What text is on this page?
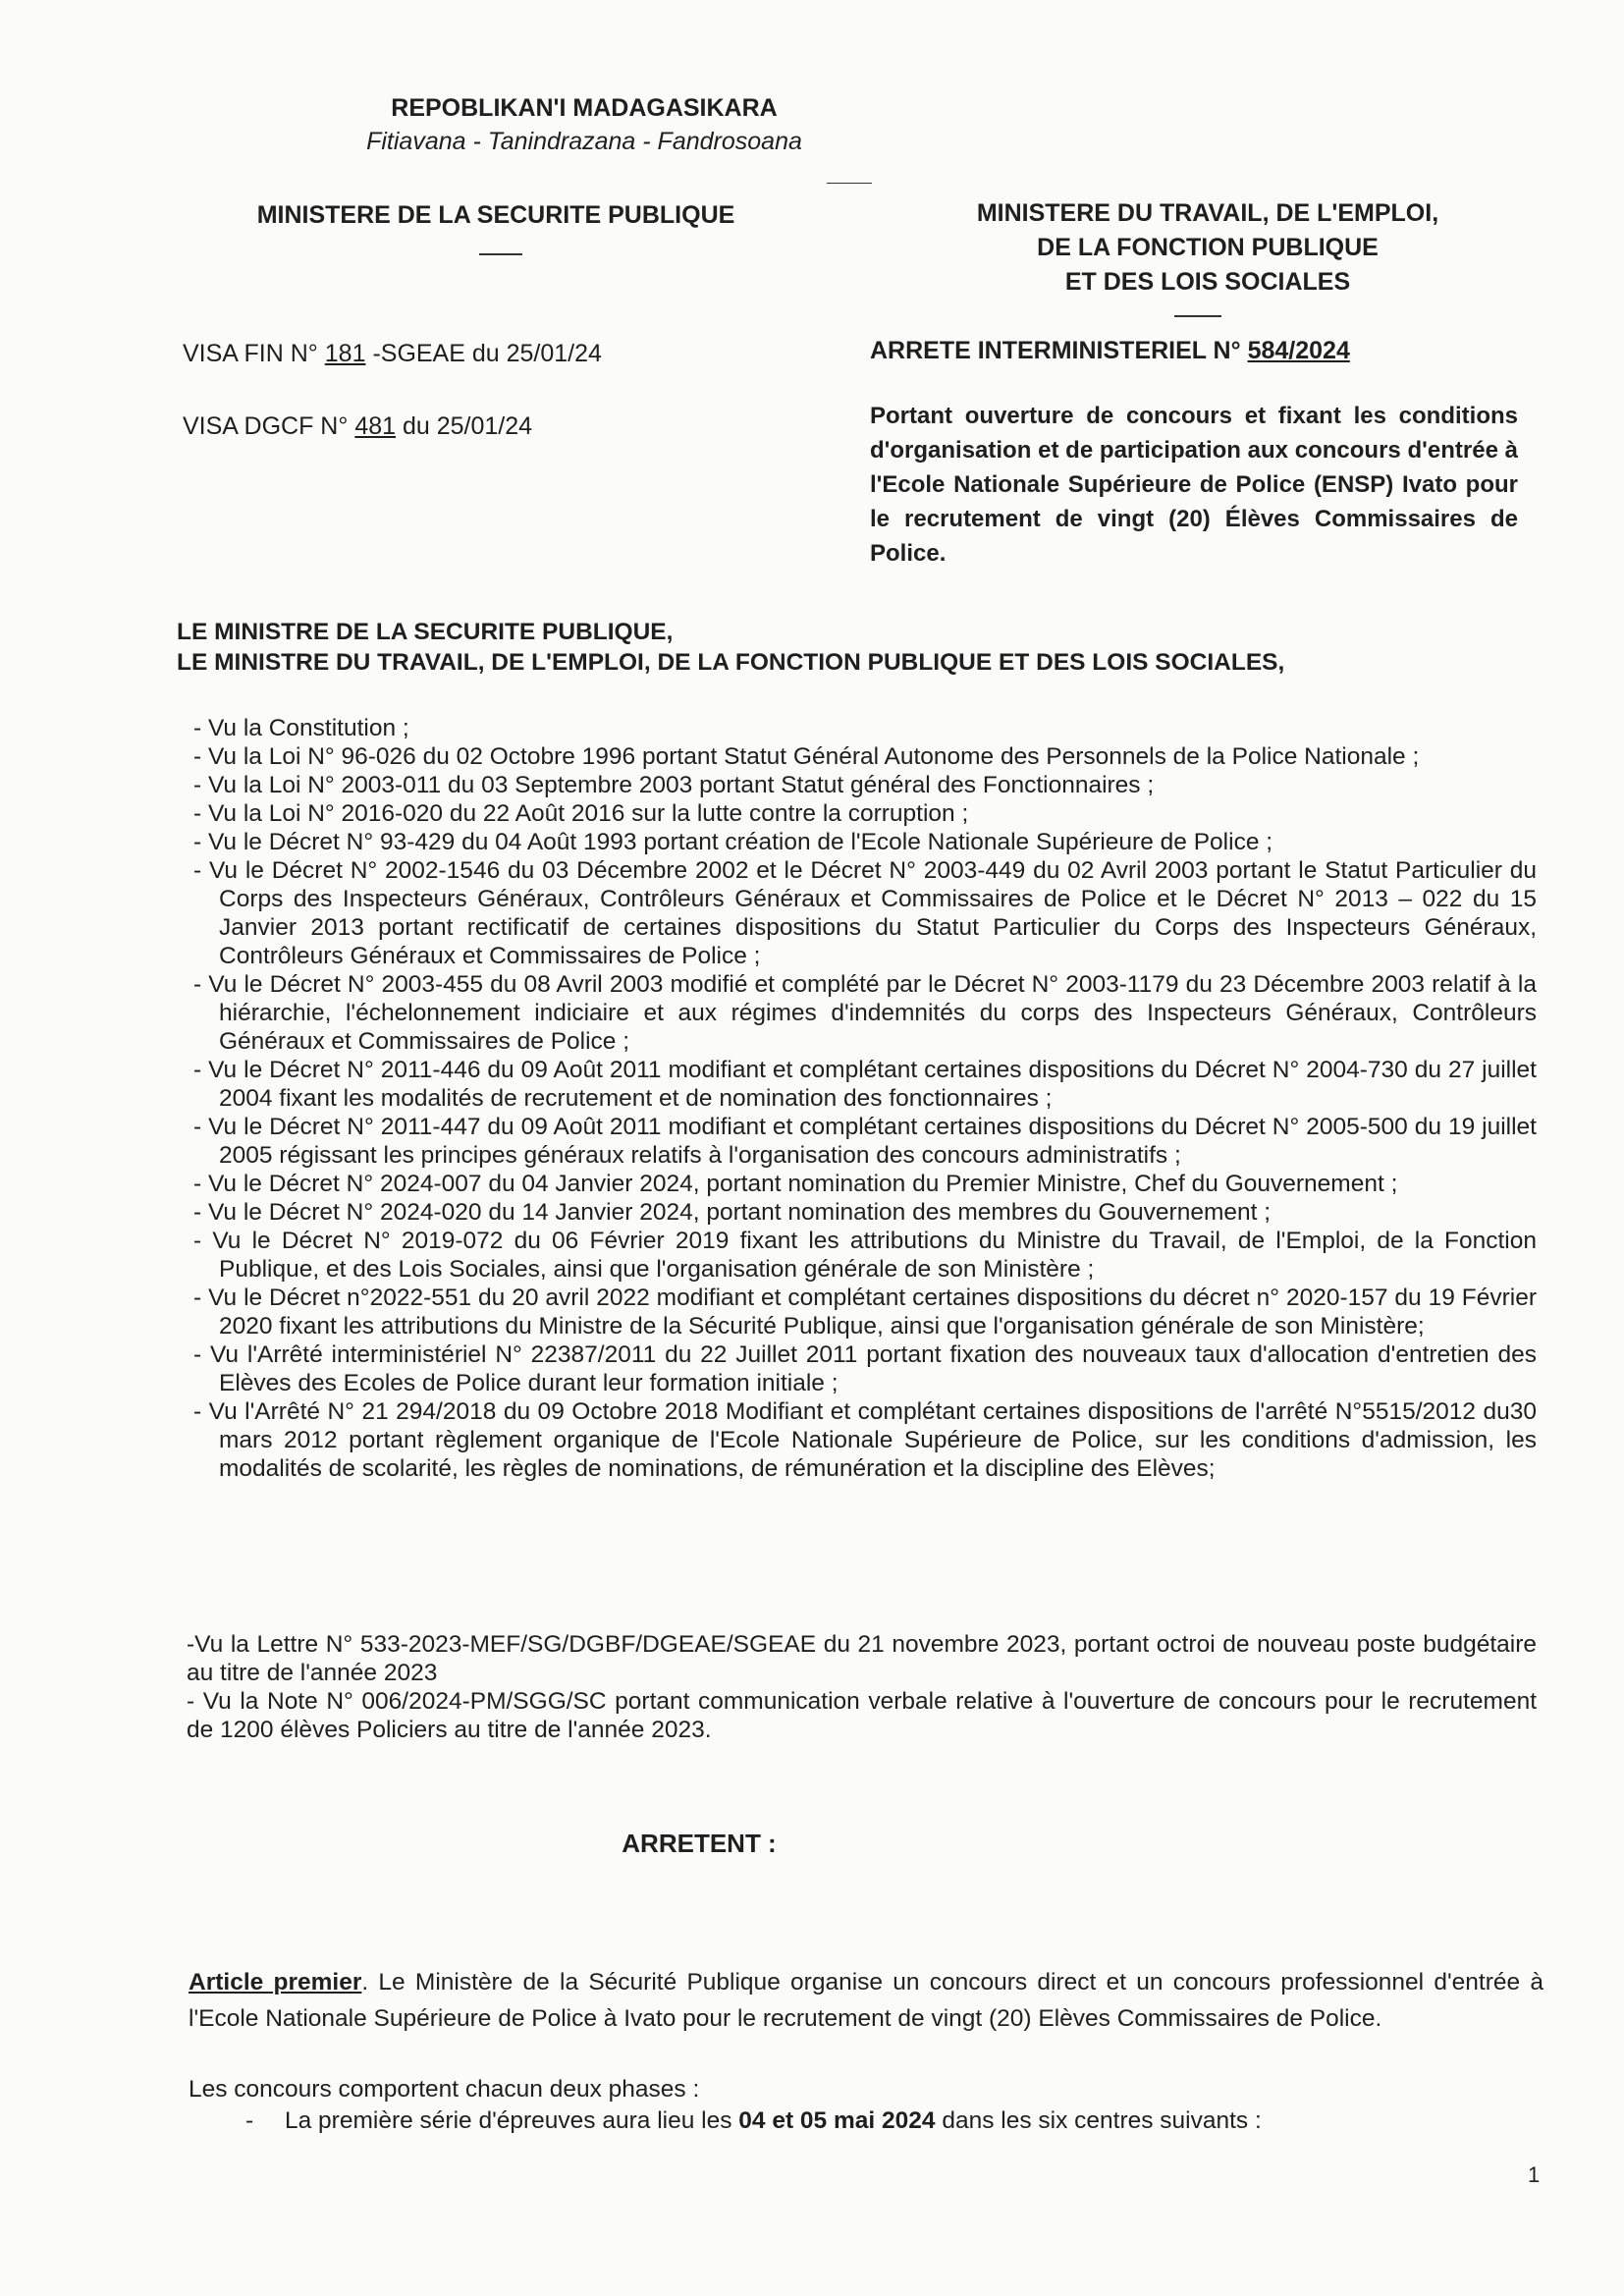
REPOBLIKAN'I MADAGASIKARA
Fitiavana - Tanindrazana - Fandrosoana
MINISTERE DE LA SECURITE PUBLIQUE	MINISTERE DU TRAVAIL, DE L'EMPLOI,
DE LA FONCTION PUBLIQUE
ET DES LOIS SOCIALES
VISA FIN N° 181 -SGEAE du 25/01/24
VISA DGCF N° 481 du 25/01/24
ARRETE INTERMINISTERIEL N° 584/2024
Portant ouverture de concours et fixant les conditions d'organisation et de participation aux concours d'entrée à l'Ecole Nationale Supérieure de Police (ENSP) Ivato pour le recrutement de vingt (20) Élèves Commissaires de Police.
LE MINISTRE DE LA SECURITE PUBLIQUE,
LE MINISTRE DU TRAVAIL, DE L'EMPLOI, DE LA FONCTION PUBLIQUE ET DES LOIS SOCIALES,
- Vu la Constitution ;
- Vu la Loi N° 96-026 du 02 Octobre 1996 portant Statut Général Autonome des Personnels de la Police Nationale ;
- Vu la Loi N° 2003-011 du 03 Septembre 2003 portant Statut général des Fonctionnaires ;
- Vu la Loi N° 2016-020 du 22 Août 2016 sur la lutte contre la corruption ;
- Vu le Décret N° 93-429 du 04 Août 1993 portant création de l'Ecole Nationale Supérieure de Police ;
- Vu le Décret N° 2002-1546 du 03 Décembre 2002 et le Décret N° 2003-449 du 02 Avril 2003 portant le Statut Particulier du Corps des Inspecteurs Généraux, Contrôleurs Généraux et Commissaires de Police et le Décret N° 2013 – 022 du 15 Janvier 2013 portant rectificatif de certaines dispositions du Statut Particulier du Corps des Inspecteurs Généraux, Contrôleurs Généraux et Commissaires de Police ;
- Vu le Décret N° 2003-455 du 08 Avril 2003 modifié et complété par le Décret N° 2003-1179 du 23 Décembre 2003 relatif à la hiérarchie, l'échelonnement indiciaire et aux régimes d'indemnités du corps des Inspecteurs Généraux, Contrôleurs Généraux et Commissaires de Police ;
- Vu le Décret N° 2011-446 du 09 Août 2011 modifiant et complétant certaines dispositions du Décret N° 2004-730 du 27 juillet 2004 fixant les modalités de recrutement et de nomination des fonctionnaires ;
- Vu le Décret N° 2011-447 du 09 Août 2011 modifiant et complétant certaines dispositions du Décret N° 2005-500 du 19 juillet 2005 régissant les principes généraux relatifs à l'organisation des concours administratifs ;
- Vu le Décret N° 2024-007 du 04 Janvier 2024, portant nomination du Premier Ministre, Chef du Gouvernement ;
- Vu le Décret N° 2024-020 du 14 Janvier 2024, portant nomination des membres du Gouvernement ;
- Vu le Décret N° 2019-072 du 06 Février 2019 fixant les attributions du Ministre du Travail, de l'Emploi, de la Fonction Publique, et des Lois Sociales, ainsi que l'organisation générale de son Ministère ;
- Vu le Décret n°2022-551 du 20 avril 2022 modifiant et complétant certaines dispositions du décret n° 2020-157 du 19 Février 2020 fixant les attributions du Ministre de la Sécurité Publique, ainsi que l'organisation générale de son Ministère;
- Vu l'Arrêté interministériel N° 22387/2011 du 22 Juillet 2011 portant fixation des nouveaux taux d'allocation d'entretien des Elèves des Ecoles de Police durant leur formation initiale ;
- Vu l'Arrêté N° 21 294/2018 du 09 Octobre 2018 Modifiant et complétant certaines dispositions de l'arrêté N°5515/2012 du30 mars 2012 portant règlement organique de l'Ecole Nationale Supérieure de Police, sur les conditions d'admission, les modalités de scolarité, les règles de nominations, de rémunération et la discipline des Elèves;
-Vu la Lettre N° 533-2023-MEF/SG/DGBF/DGEAE/SGEAE du 21 novembre 2023, portant octroi de nouveau poste budgétaire au titre de l'année 2023
- Vu la Note N° 006/2024-PM/SGG/SC portant communication verbale relative à l'ouverture de concours pour le recrutement de 1200 élèves Policiers au titre de l'année 2023.
ARRETENT :
Article premier. Le Ministère de la Sécurité Publique organise un concours direct et un concours professionnel d'entrée à l'Ecole Nationale Supérieure de Police à Ivato pour le recrutement de vingt (20) Elèves Commissaires de Police.
Les concours comportent chacun deux phases :
- La première série d'épreuves aura lieu les 04 et 05 mai 2024 dans les six centres suivants :
1
